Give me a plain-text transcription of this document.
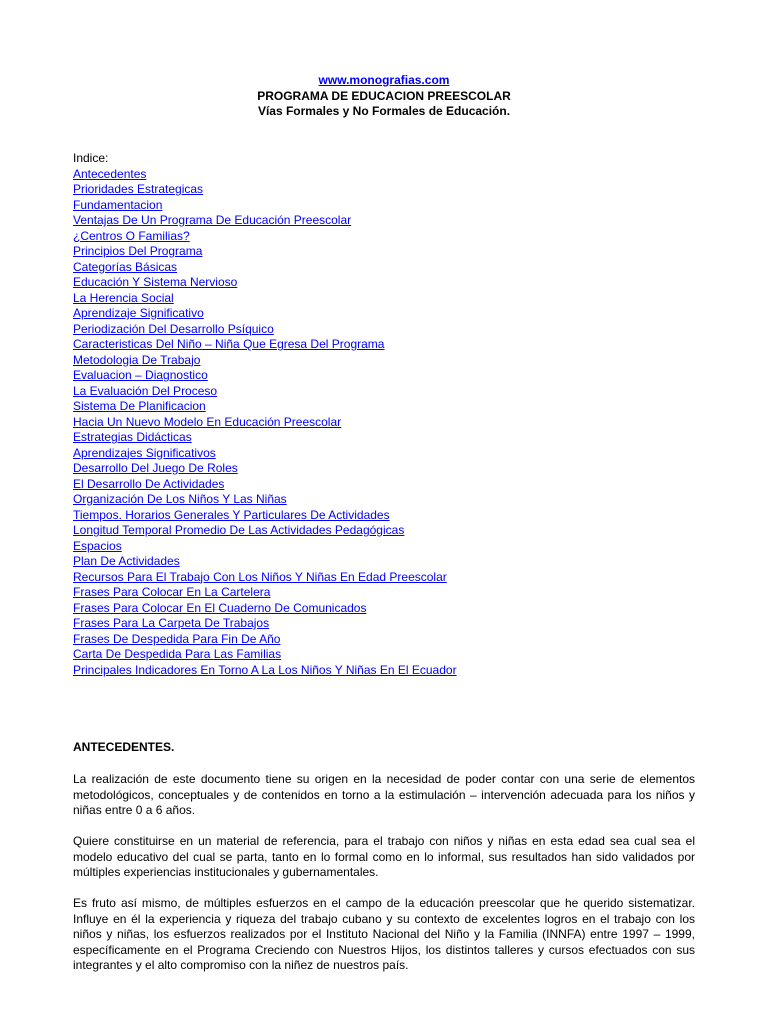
www.monografias.com
PROGRAMA DE EDUCACION PREESCOLAR
Vías Formales y No Formales de Educación.
Indice:
Antecedentes
Prioridades Estrategicas
Fundamentacion
Ventajas De Un Programa De Educación Preescolar
¿Centros O Familias?
Principios Del Programa
Categorías Básicas
Educación Y Sistema Nervioso
La Herencia Social
Aprendizaje Significativo
Periodización Del Desarrollo Psíquico
Caracteristicas Del Niño – Niña Que Egresa Del Programa
Metodologia De Trabajo
Evaluacion – Diagnostico
La Evaluación Del Proceso
Sistema De Planificacion
Hacia Un Nuevo Modelo En Educación Preescolar
Estrategias Didácticas
Aprendizajes Significativos
Desarrollo Del Juego De Roles
El Desarrollo De Actividades
Organización De Los Niños Y Las Niñas
Tiempos. Horarios Generales Y Particulares De Actividades
Longitud Temporal Promedio De Las Actividades Pedagógicas
Espacios
Plan De Actividades
Recursos Para El Trabajo Con Los Niños Y Niñas En Edad Preescolar
Frases Para Colocar En La Cartelera
Frases Para Colocar En El Cuaderno De Comunicados
Frases Para La Carpeta De Trabajos
Frases De Despedida Para Fin De Año
Carta De Despedida Para Las Familias
Principales Indicadores En Torno A La Los Niños Y Niñas En El Ecuador
ANTECEDENTES.

La realización de este documento tiene su origen en la necesidad de poder contar con una serie de elementos metodológicos, conceptuales y de contenidos en torno a la estimulación – intervención adecuada para los niños y niñas entre 0 a 6 años.

Quiere constituirse en un material de referencia, para el trabajo con niños y niñas en esta edad sea cual sea el modelo educativo del cual se parta, tanto en lo formal como en lo informal, sus resultados han sido validados por múltiples experiencias institucionales y gubernamentales.

Es fruto así mismo, de múltiples esfuerzos en el campo de la educación preescolar que he querido sistematizar. Influye en él la experiencia y riqueza del trabajo cubano y su contexto de excelentes logros en el trabajo con los niños y niñas, los esfuerzos realizados por el Instituto Nacional del Niño y la Familia (INNFA) entre 1997 – 1999, específicamente en el Programa Creciendo con Nuestros Hijos, los distintos talleres y cursos efectuados con sus integrantes y el alto compromiso con la niñez de nuestros país.
